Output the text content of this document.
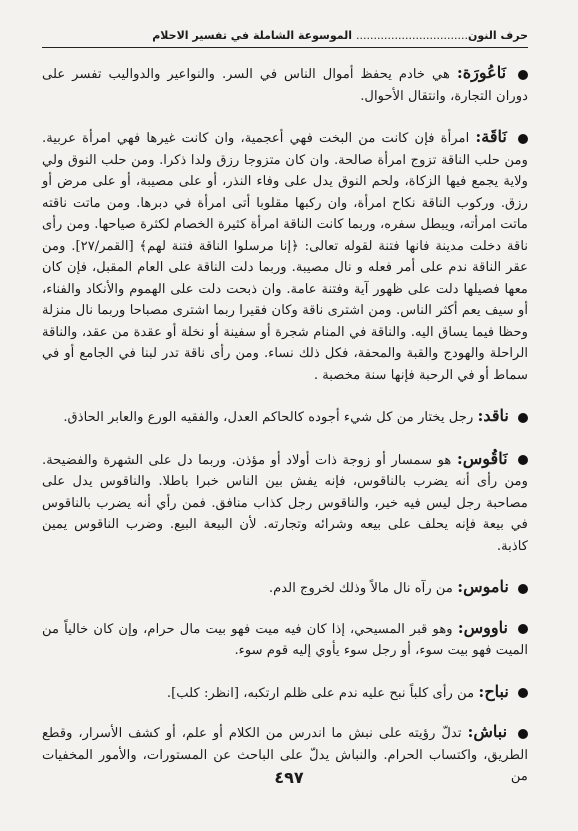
حرف النون
..... الموسوعة الشاملة في تفسير الاحلام

نَاعُورَة: هي خادم يحفظ أموال الناس في السر. والنواعير والدواليب تفسر على دوران التجارة، وانتقال الأحوال.

نَاقَة: امرأة فإن كانت من البخت فهي أعجمية، وان كانت غيرها فهي امرأة عربية. ومن حلب الناقة تزوج امرأة صالحة. وان كان متزوجا رزق ولدا ذكرا. ومن حلب النوق ولي ولاية يجمع فيها الزكاة، ولحم النوق يدل على وفاء النذر، أو على مصيبة، أو على مرض أو رزق. وركوب الناقة نكاح امرأة، وان ركبها مقلوبا أتى امرأة في دبرها. ومن ماتت ناقته ماتت امرأته، ويبطل سفره، وربما كانت الناقة امرأة كثيرة الخصام لكثرة صياحها. ومن رأى ناقة دخلت مدينة فانها فتنة لقوله تعالى: ﴿إنا مرسلوا الناقة فتنة لهم﴾ [القمر/٢٧]. ومن عقر الناقة ندم على أمر فعله و نال مصيبة. وربما دلت الناقة على العام المقبل، فإن كان معها فصيلها دلت على ظهور آية وفتنة عامة. وان ذبحت دلت على الهموم والأنكاد والفناء، أو سيف يعم أكثر الناس. ومن اشترى ناقة وكان فقيرا ربما اشترى مصباحا وربما نال منزلة وحظا فيما يساق اليه. والناقة في المنام شجرة أو سفينة أو نخلة أو عقدة من عقد، والناقة الراحلة والهودج والقبة والمحفة، فكل ذلك نساء. ومن رأى ناقة تدر لبنا في الجامع أو في سماط أو في الرحبة فإنها سنة مخصبة .

ناقد: رجل يختار من كل شيء أجوده كالحاكم العدل، والفقيه الورع والعابر الحاذق.

نَاقُوس: هو سمسار أو زوجة ذات أولاد أو مؤذن. وربما دل على الشهرة والفضيحة. ومن رأى أنه يضرب بالناقوس، فإنه يفش بين الناس خبرا باطلا. والناقوس يدل على مصاحبة رجل ليس فيه خير، والناقوس رجل كذاب منافق. فمن رأي أنه يضرب بالناقوس في بيعة فإنه يحلف على بيعه وشرائه وتجارته. لأن البيعة البيع. وضرب الناقوس يمين كاذبة.

ناموس: من رآه نال مالاً وذلك لخروج الدم.

ناووس: وهو قبر المسيحي، إذا كان فيه ميت فهو بيت مال حرام، وإن كان خالياً من الميت فهو بيت سوء، أو رجل سوء يأوي إليه قوم سوء.

نباح: من رأى كلباً نبح عليه ندم على ظلم ارتكبه، [انظر: كلب].

نباش: تدلّ رؤيته على نبش ما اندرس من الكلام أو علم، أو كشف الأسرار، وقطع الطريق، واكتساب الحرام. والنباش يدلّ على الباحث عن المستورات، والأمور المخفيات من

٤٩٧
